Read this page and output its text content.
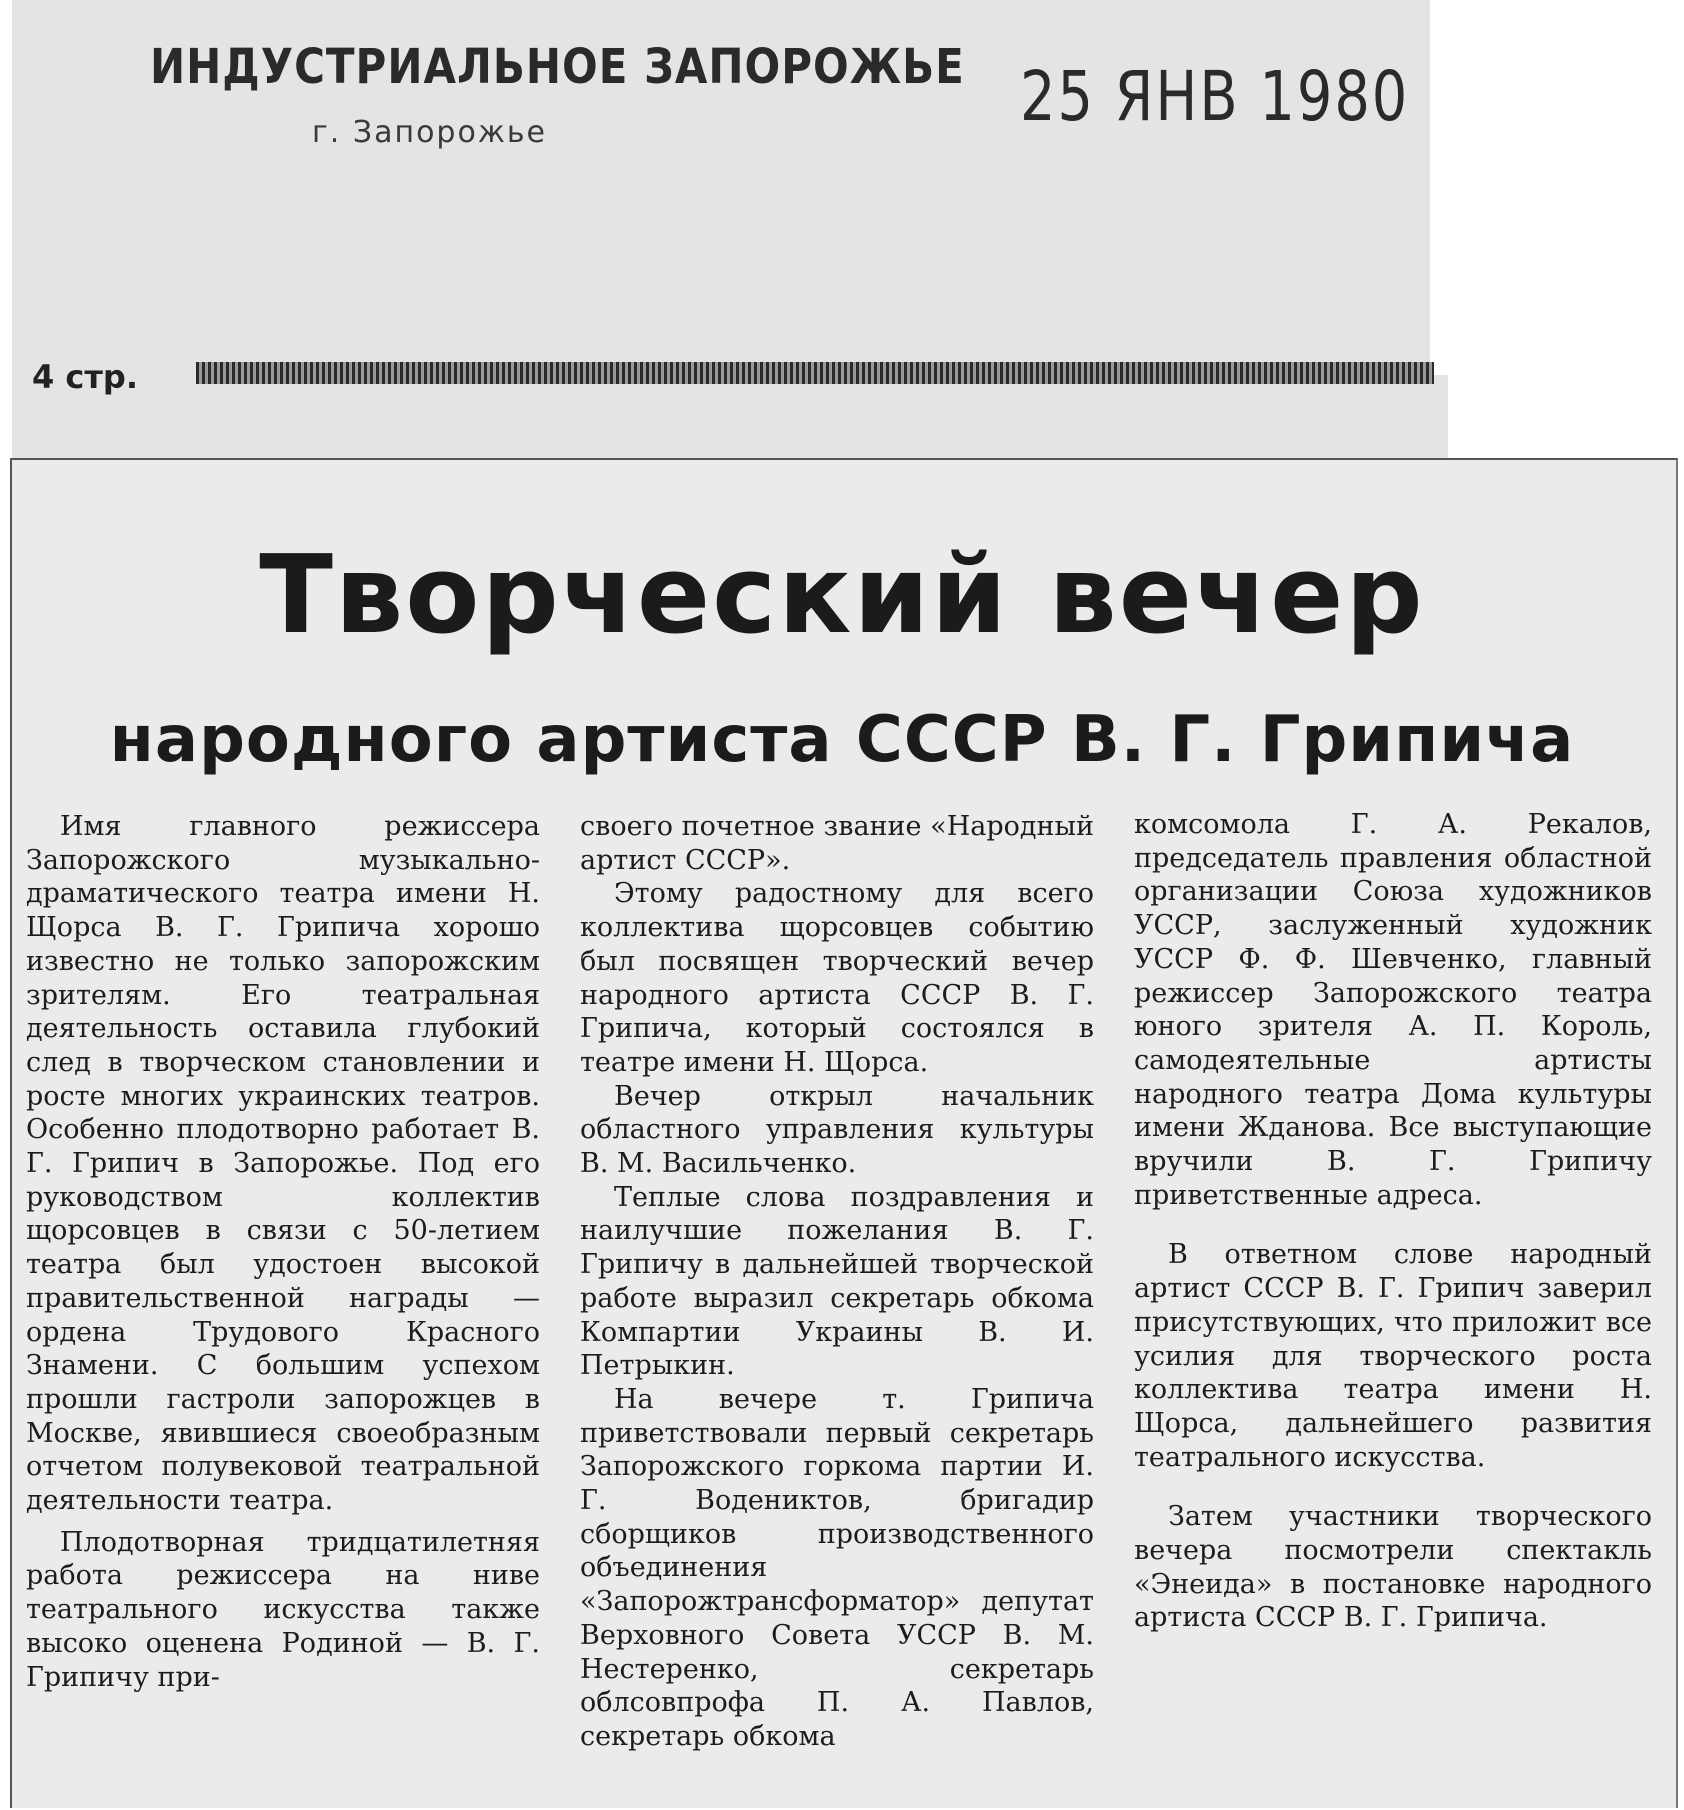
ИНДУСТРИАЛЬНОЕ ЗАПОРОЖЬЕ
г. Запорожье	25 ЯНВ 1980
4 стр.
Творческий вечер
народного артиста СССР В. Г. Грипича

Имя главного режиссера Запорожского музыкально-драматического театра имени Н. Щорса В. Г. Грипича хорошо известно не только запорожским зрителям. Его театральная деятельность оставила глубокий след в творческом становлении и росте многих украинских театров. Особенно плодотворно работает В. Г. Грипич в Запорожье. Под его руководством коллектив щорсовцев в связи с 50-летием театра был удостоен высокой правительственной награды — ордена Трудового Красного Знамени. С большим успехом прошли гастроли запорожцев в Москве, явившиеся своеобразным отчетом полувековой театральной деятельности театра.

Плодотворная тридцатилетняя работа режиссера на ниве театрального искусства также высоко оценена Родиной — В. Г. Грипичу при-

своего почетное звание «Народный артист СССР».

Этому радостному для всего коллектива щорсовцев событию был посвящен творческий вечер народного артиста СССР В. Г. Грипича, который состоялся в театре имени Н. Щорса.

Вечер открыл начальник областного управления культуры В. М. Васильченко.

Теплые слова поздравления и наилучшие пожелания В. Г. Грипичу в дальнейшей творческой работе выразил секретарь обкома Компартии Украины В. И. Петрыкин.

На вечере т. Грипича приветствовали первый секретарь Запорожского горкома партии И. Г. Водениктов, бригадир сборщиков производственного объединения «Запорожтрансформатор» депутат Верховного Совета УССР В. М. Нестеренко, секретарь облсовпрофа П. А. Павлов, секретарь обкома

комсомола Г. А. Рекалов, председатель правления областной организации Союза художников УССР, заслуженный художник УССР Ф. Ф. Шевченко, главный режиссер Запорожского театра юного зрителя А. П. Король, самодеятельные артисты народного театра Дома культуры имени Жданова. Все выступающие вручили В. Г. Грипичу приветственные адреса.

В ответном слове народный артист СССР В. Г. Грипич заверил присутствующих, что приложит все усилия для творческого роста коллектива театра имени Н. Щорса, дальнейшего развития театрального искусства.

Затем участники творческого вечера посмотрели спектакль «Энеида» в постановке народного артиста СССР В. Г. Грипича.
